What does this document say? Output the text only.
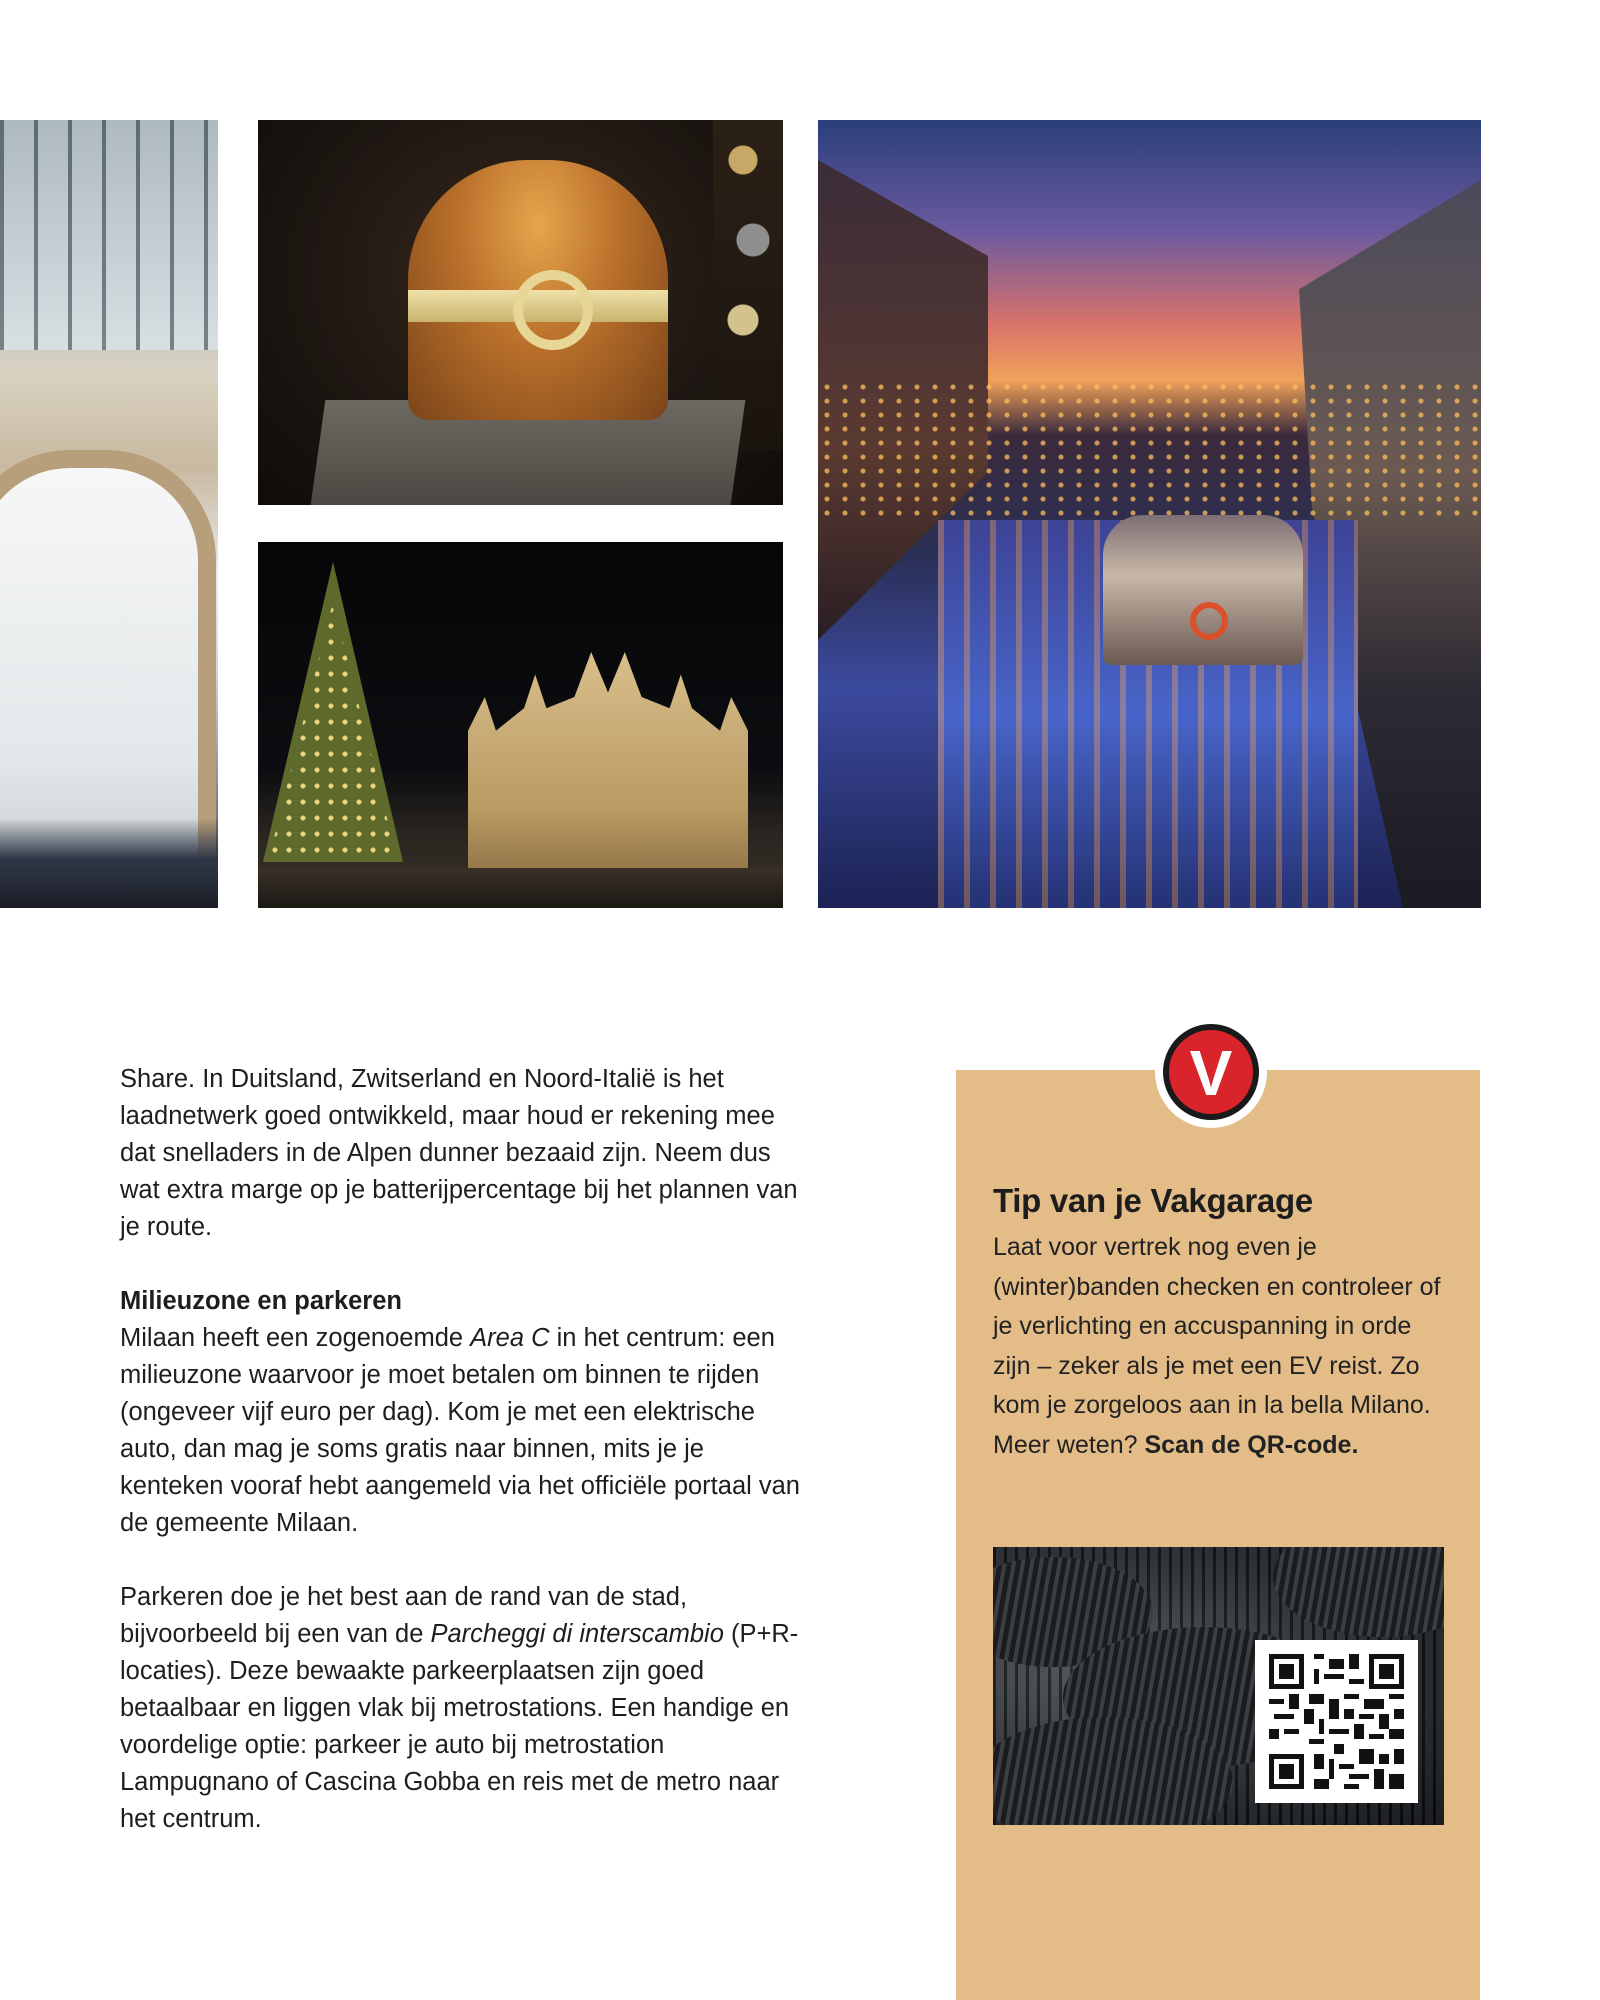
Share. In Duitsland, Zwitserland en Noord-Italië is het laadnetwerk goed ontwikkeld, maar houd er rekening mee dat snelladers in de Alpen dunner bezaaid zijn. Neem dus wat extra marge op je batterijpercentage bij het plannen van je route.

Milieuzone en parkeren

Milaan heeft een zogenoemde Area C in het centrum: een milieuzone waarvoor je moet betalen om binnen te rijden (ongeveer vijf euro per dag). Kom je met een elektrische auto, dan mag je soms gratis naar binnen, mits je je kenteken vooraf hebt aangemeld via het officiële portaal van de gemeente Milaan.

Parkeren doe je het best aan de rand van de stad, bijvoorbeeld bij een van de Parcheggi di interscambio (P+R-locaties). Deze bewaakte parkeerplaatsen zijn goed betaalbaar en liggen vlak bij metrostations. Een handige en voordelige optie: parkeer je auto bij metrostation Lampugnano of Cascina Gobba en reis met de metro naar het centrum.

Tip van je Vakgarage

Laat voor vertrek nog even je (winter)banden checken en controleer of je verlichting en accuspanning in orde zijn – zeker als je met een EV reist. Zo kom je zorgeloos aan in la bella Milano. Meer weten? Scan de QR-code.

V
